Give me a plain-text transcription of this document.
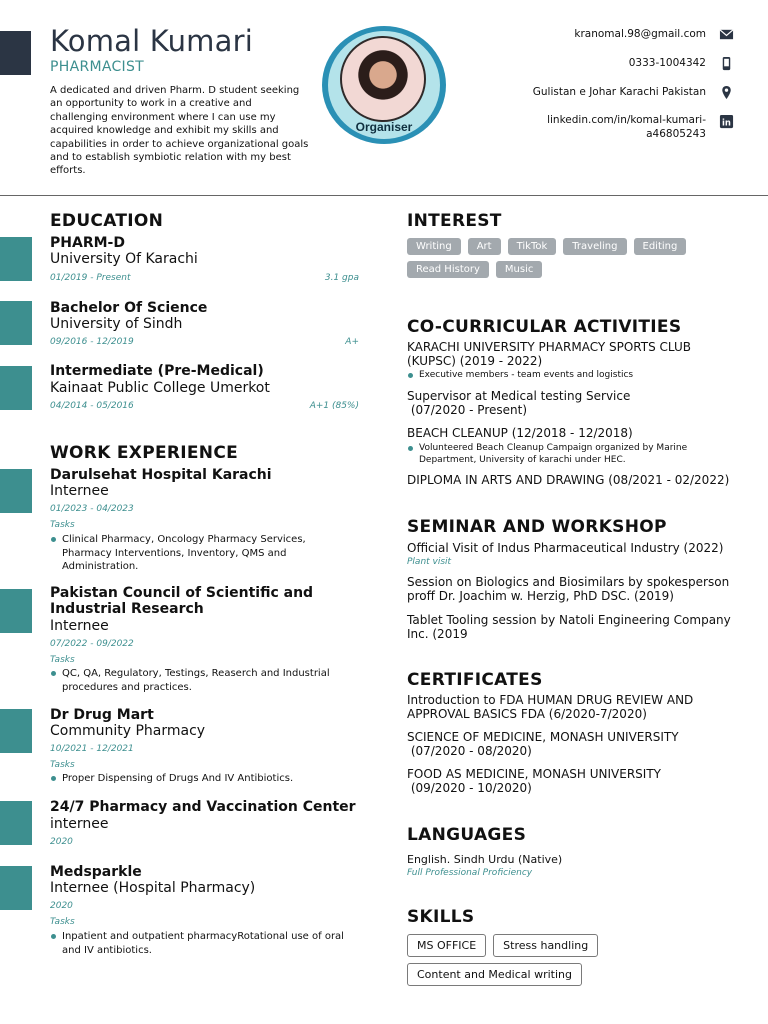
Komal Kumari
PHARMACIST
A dedicated and driven Pharm. D student seeking an opportunity to work in a creative and challenging environment where I can use my acquired knowledge and exhibit my skills and capabilities in order to achieve organizational goals and to establish symbiotic relation with my best efforts.
Organiser
kranomal.98@gmail.com
0333-1004342
Gulistan e Johar Karachi Pakistan
linkedin.com/in/komal-kumari-
a46805243
in
EDUCATION
PHARM-D
University Of Karachi
01/2019 - Present	3.1 gpa
Bachelor Of Science
University of Sindh
09/2016 - 12/2019	A+
Intermediate (Pre-Medical)
Kainaat Public College Umerkot
04/2014 - 05/2016	A+1 (85%)
WORK EXPERIENCE
Darulsehat Hospital Karachi
Internee
01/2023 - 04/2023
Tasks
Clinical Pharmacy, Oncology Pharmacy Services, Pharmacy Interventions, Inventory, QMS and Administration.
Pakistan Council of Scientific and
Industrial Research
Internee
07/2022 - 09/2022
Tasks
QC, QA, Regulatory, Testings, Reaserch and Industrial procedures and practices.
Dr Drug Mart
Community Pharmacy
10/2021 - 12/2021
Tasks
Proper Dispensing of Drugs And IV Antibiotics.
24/7 Pharmacy and Vaccination Center
internee
2020
Medsparkle
Internee (Hospital Pharmacy)
2020
Tasks
Inpatient and outpatient pharmacyRotational use of oral and IV antibiotics.
INTEREST
Writing	Art	TikTok	Traveling	Editing
Read History	Music
CO-CURRICULAR ACTIVITIES
KARACHI UNIVERSITY PHARMACY SPORTS CLUB
(KUPSC) (2019 - 2022)
Executive members - team events and logistics
Supervisor at Medical testing Service
(07/2020 - Present)
BEACH CLEANUP (12/2018 - 12/2018)
Volunteered Beach Cleanup Campaign organized by Marine Department, University of karachi under HEC.
DIPLOMA IN ARTS AND DRAWING (08/2021 - 02/2022)
SEMINAR AND WORKSHOP
Official Visit of Indus Pharmaceutical Industry (2022)
Plant visit
Session on Biologics and Biosimilars by spokesperson
proff Dr. Joachim w. Herzig, PhD DSC. (2019)
Tablet Tooling session by Natoli Engineering Company
Inc. (2019
CERTIFICATES
Introduction to FDA HUMAN DRUG REVIEW AND
APPROVAL BASICS FDA (6/2020-7/2020)
SCIENCE OF MEDICINE, MONASH UNIVERSITY
(07/2020 - 08/2020)
FOOD AS MEDICINE, MONASH UNIVERSITY
(09/2020 - 10/2020)
LANGUAGES
English. Sindh Urdu (Native)
Full Professional Proficiency
SKILLS
MS OFFICE	Stress handling
Content and Medical writing
